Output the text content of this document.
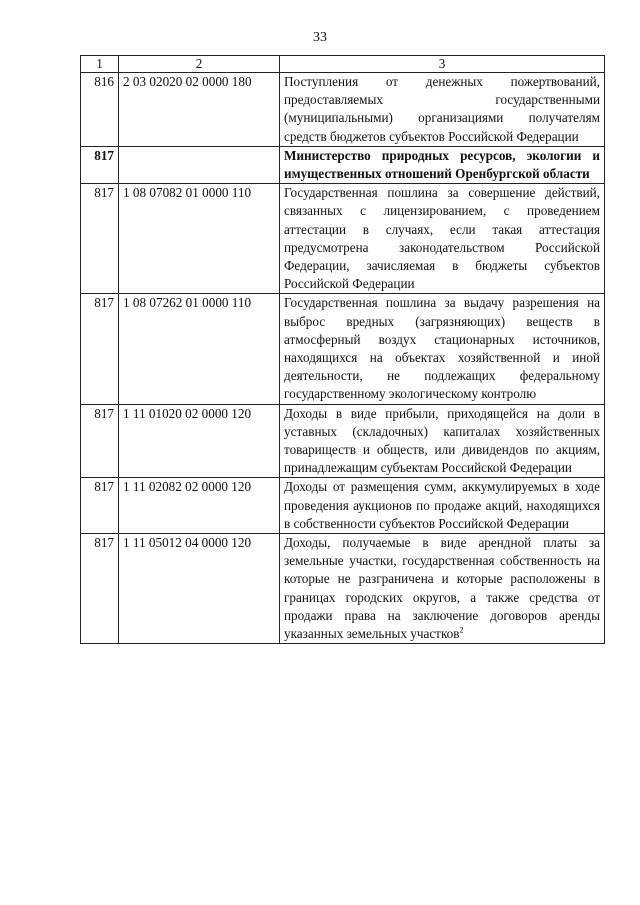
33
1	2	3
816	2 03 02020 02 0000 180	Поступления от денежных пожертвований, предоставляемых государственными (муниципальными) организациями получателям средств бюджетов субъектов Российской Федерации
817		Министерство природных ресурсов, экологии и имущественных отношений Оренбургской области
817	1 08 07082 01 0000 110	Государственная пошлина за совершение действий, связанных с лицензированием, с проведением аттестации в случаях, если такая аттестация предусмотрена законодательством Российской Федерации, зачисляемая в бюджеты субъектов Российской Федерации
817	1 08 07262 01 0000 110	Государственная пошлина за выдачу разрешения на выброс вредных (загрязняющих) веществ в атмосферный воздух стационарных источников, находящихся на объектах хозяйственной и иной деятельности, не подлежащих федеральному государственному экологическому контролю
817	1 11 01020 02 0000 120	Доходы в виде прибыли, приходящейся на доли в уставных (складочных) капиталах хозяйственных товариществ и обществ, или дивидендов по акциям, принадлежащим субъектам Российской Федерации
817	1 11 02082 02 0000 120	Доходы от размещения сумм, аккумулируемых в ходе проведения аукционов по продаже акций, находящихся в собственности субъектов Российской Федерации
817	1 11 05012 04 0000 120	Доходы, получаемые в виде арендной платы за земельные участки, государственная собственность на которые не разграничена и которые расположены в границах городских округов, а также средства от продажи права на заключение договоров аренды указанных земельных участков$^2$
